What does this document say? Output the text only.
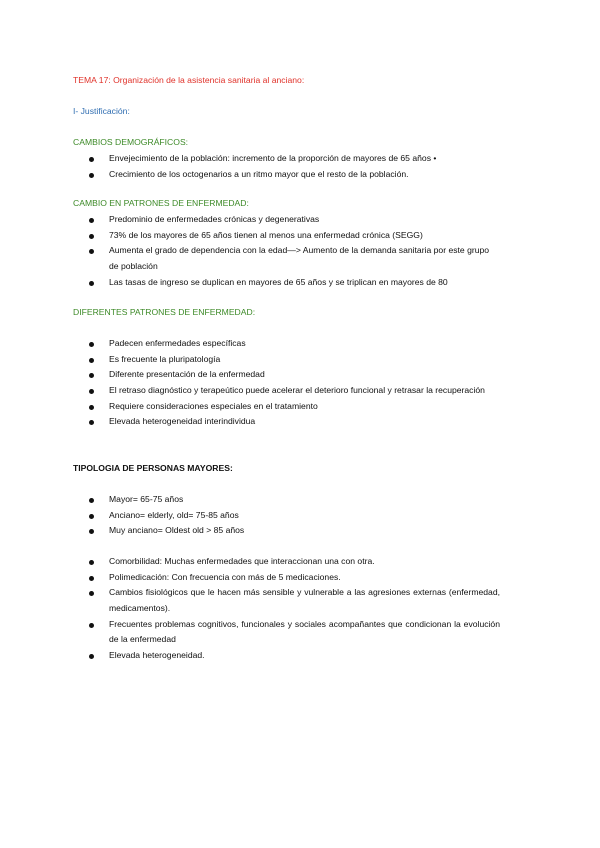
TEMA 17: Organización de la asistencia sanitaria al anciano:
I- Justificación:
CAMBIOS DEMOGRÁFICOS:
Envejecimiento de la población: incremento de la proporción de mayores de 65 años •
Crecimiento de los octogenarios a un ritmo mayor que el resto de la población.
CAMBIO EN PATRONES DE ENFERMEDAD:
Predominio de enfermedades crónicas y degenerativas
73% de los mayores de 65 años tienen al menos una enfermedad crónica (SEGG)
Aumenta el grado de dependencia con la edad—> Aumento de la demanda sanitaria por este grupo de población
Las tasas de ingreso se duplican en mayores de 65 años y se triplican en mayores de 80
DIFERENTES PATRONES DE ENFERMEDAD:
Padecen enfermedades específicas
Es frecuente la pluripatología
Diferente presentación de la enfermedad
El retraso diagnóstico y terapeútico puede acelerar el deterioro funcional y retrasar la recuperación
Requiere consideraciones especiales en el tratamiento
Elevada heterogeneidad interindividua
TIPOLOGIA DE PERSONAS MAYORES:
Mayor= 65-75 años
Anciano= elderly, old= 75-85 años
Muy anciano= Oldest old > 85 años
Comorbilidad: Muchas enfermedades que interaccionan una con otra.
Polimedicación: Con frecuencia con más de 5 medicaciones.
Cambios fisiológicos que le hacen más sensible y vulnerable a las agresiones externas (enfermedad, medicamentos).
Frecuentes problemas cognitivos, funcionales y sociales acompañantes que condicionan la evolución de la enfermedad
Elevada heterogeneidad.
